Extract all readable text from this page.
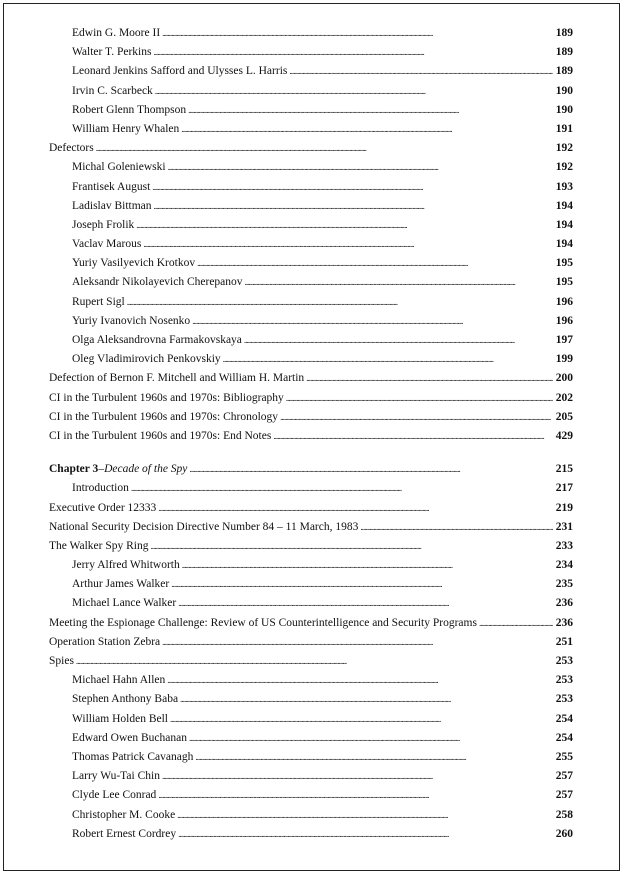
Edwin G. Moore II . . .	189
Walter T. Perkins . . .	189
Leonard Jenkins Safford and Ulysses L. Harris . . .	189
Irvin C. Scarbeck . . .	190
Robert Glenn Thompson . . .	190
William Henry Whalen . . .	191
Defectors . . .	192
Michal Goleniewski . . .	192
Frantisek August . . .	193
Ladislav Bittman . . .	194
Joseph Frolik . . .	194
Vaclav Marous . . .	194
Yuriy Vasilyevich Krotkov . . .	195
Aleksandr Nikolayevich Cherepanov . . .	195
Rupert Sigl . . .	196
Yuriy Ivanovich Nosenko . . .	196
Olga Aleksandrovna Farmakovskaya . . .	197
Oleg Vladimirovich Penkovskiy . . .	199
Defection of Bernon F. Mitchell and William H. Martin . . .	200
CI in the Turbulent 1960s and 1970s: Bibliography . . .	202
CI in the Turbulent 1960s and 1970s: Chronology . . .	205
CI in the Turbulent 1960s and 1970s: End Notes . . .	429
Chapter 3–Decade of the Spy . . .	215
Introduction . . .	217
Executive Order 12333 . . .	219
National Security Decision Directive Number 84 – 11 March, 1983 . . .	231
The Walker Spy Ring . . .	233
Jerry Alfred Whitworth . . .	234
Arthur James Walker . . .	235
Michael Lance Walker . . .	236
Meeting the Espionage Challenge: Review of US Counterintelligence and Security Programs . . .	236
Operation Station Zebra . . .	251
Spies . . .	253
Michael Hahn Allen . . .	253
Stephen Anthony Baba . . .	253
William Holden Bell . . .	254
Edward Owen Buchanan . . .	254
Thomas Patrick Cavanagh . . .	255
Larry Wu-Tai Chin . . .	257
Clyde Lee Conrad . . .	257
Christopher M. Cooke . . .	258
Robert Ernest Cordrey . . .	260
